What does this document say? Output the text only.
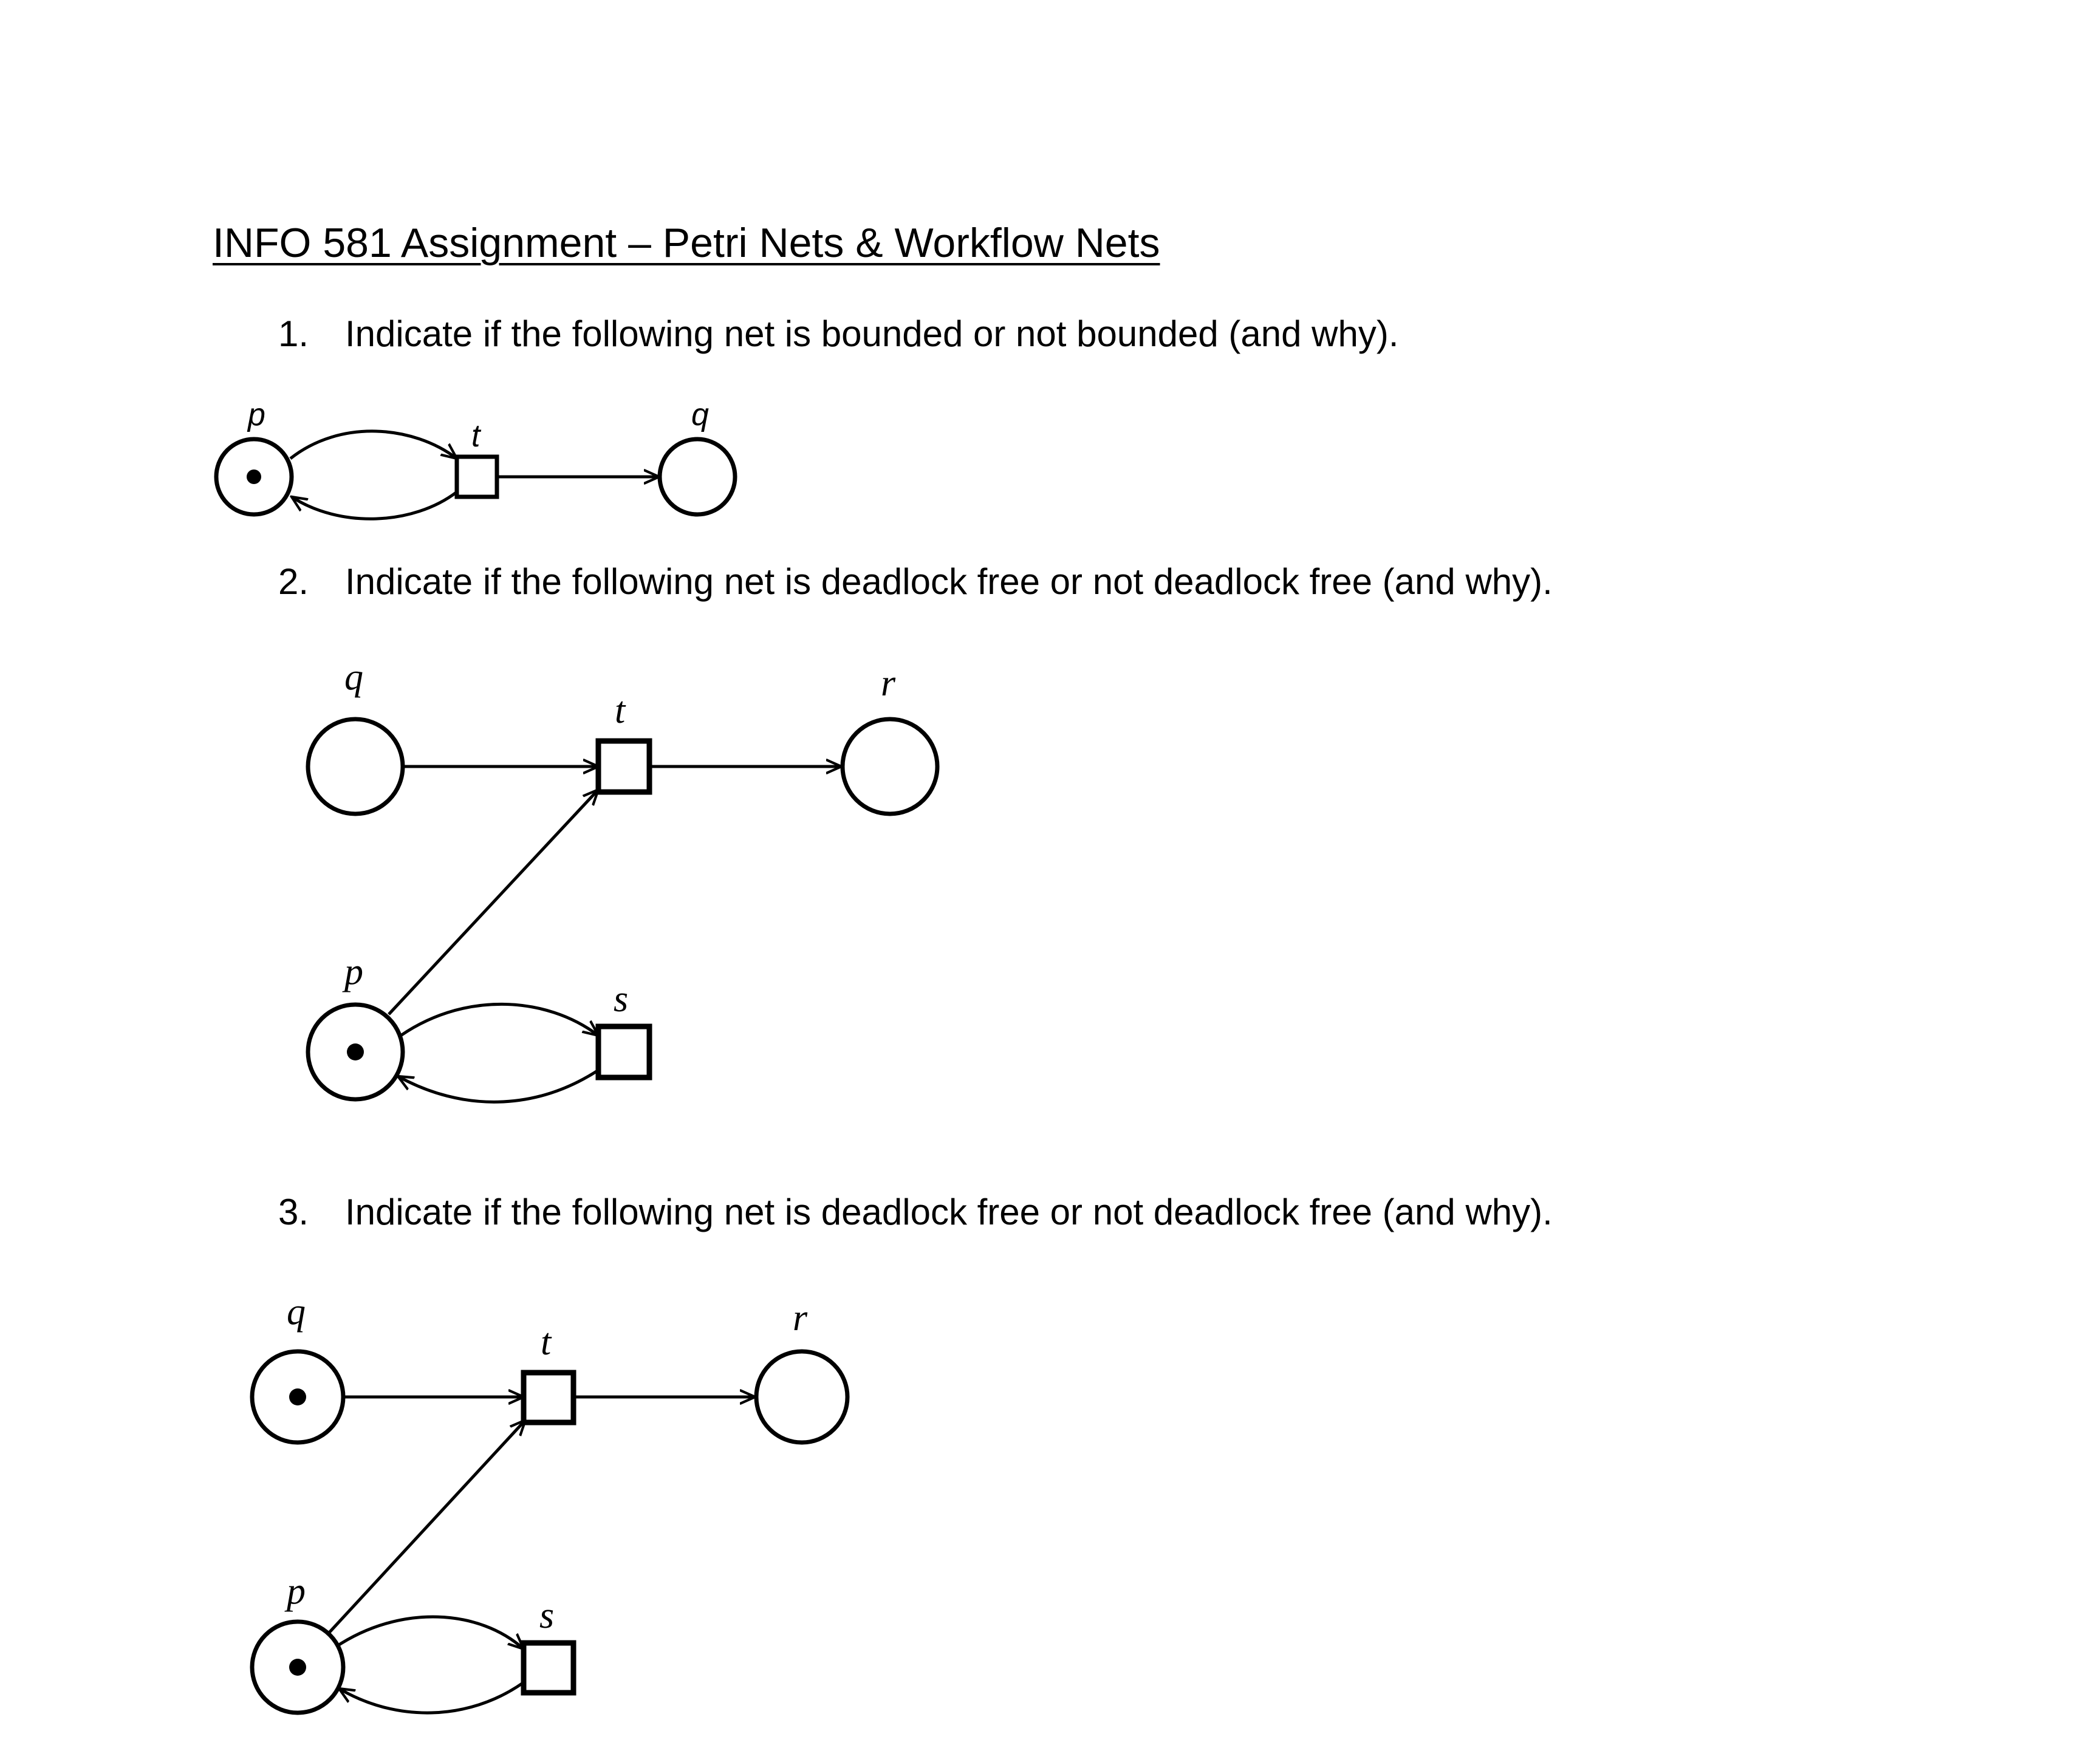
INFO 581 Assignment – Petri Nets & Workflow Nets
1. Indicate if the following net is bounded or not bounded (and why).
p	q
t
q	r
p
t
s
q	r
p
t
s
2. Indicate if the following net is deadlock free or not deadlock free (and why).
3. Indicate if the following net is deadlock free or not deadlock free (and why).
